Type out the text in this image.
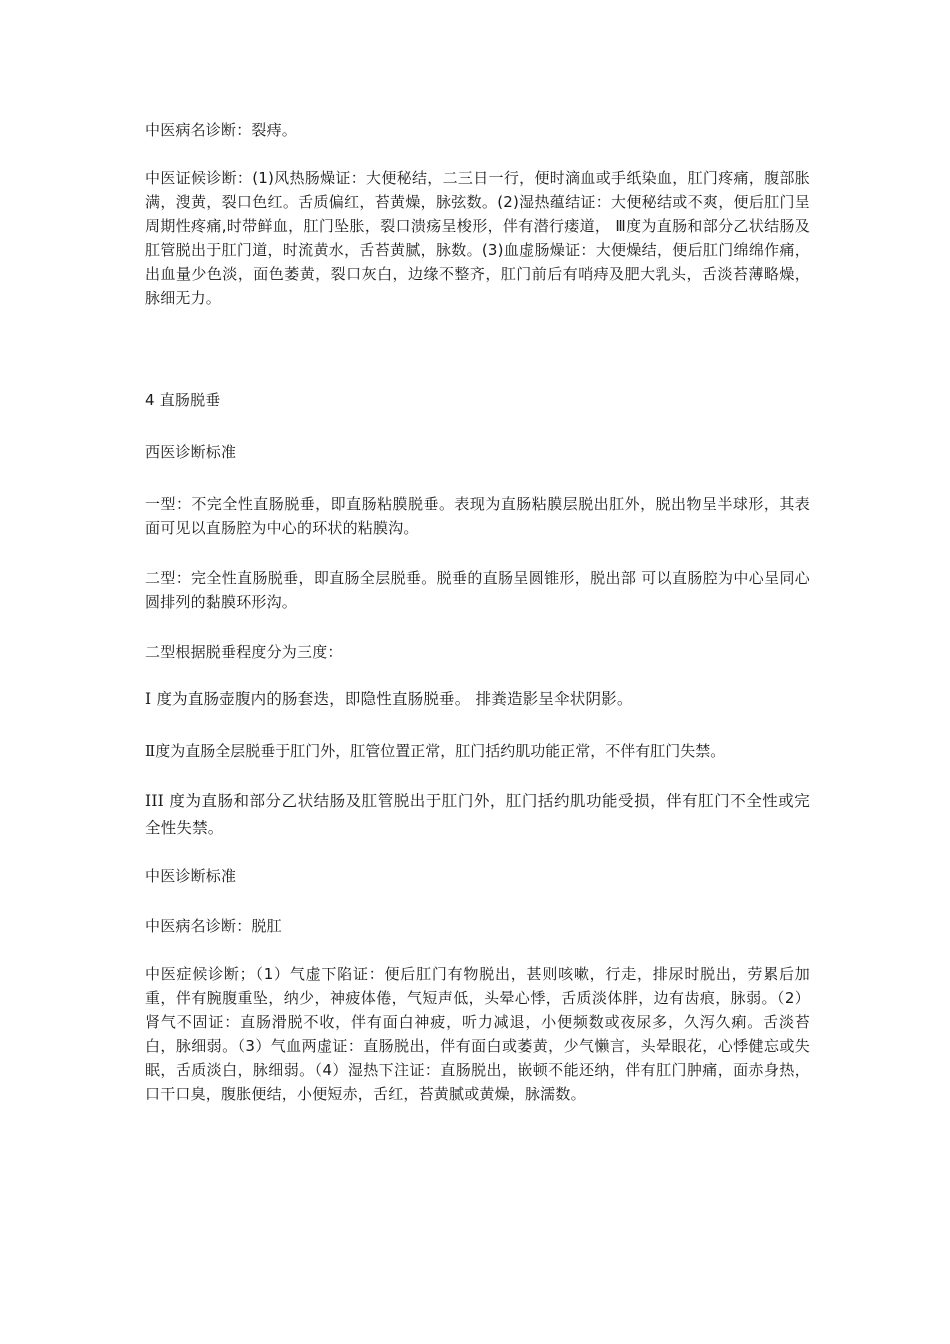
中医病名诊断：裂痔。

中医证候诊断：(1)风热肠燥证：大便秘结，二三日一行，便时滴血或手纸染血，肛门疼痛，腹部胀满，溲黄，裂口色红。舌质偏红，苔黄燥，脉弦数。(2)湿热蕴结证：大便秘结或不爽，便后肛门呈周期性疼痛,时带鲜血，肛门坠胀，裂口溃疡呈梭形，伴有潜行瘘道， Ⅲ度为直肠和部分乙状结肠及肛管脱出于肛门道，时流黄水，舌苔黄腻，脉数。(3)血虚肠燥证：大便燥结，便后肛门绵绵作痛，出血量少色淡，面色萎黄，裂口灰白，边缘不整齐，肛门前后有哨痔及肥大乳头，舌淡苔薄略燥，脉细无力。

4 直肠脱垂

西医诊断标准

一型：不完全性直肠脱垂，即直肠粘膜脱垂。表现为直肠粘膜层脱出肛外，脱出物呈半球形，其表面可见以直肠腔为中心的环状的粘膜沟。

二型：完全性直肠脱垂，即直肠全层脱垂。脱垂的直肠呈圆锥形，脱出部 可以直肠腔为中心呈同心圆排列的黏膜环形沟。

二型根据脱垂程度分为三度：

I 度为直肠壶腹内的肠套迭，即隐性直肠脱垂。 排粪造影呈伞状阴影。

Ⅱ度为直肠全层脱垂于肛门外，肛管位置正常，肛门括约肌功能正常，不伴有肛门失禁。

III 度为直肠和部分乙状结肠及肛管脱出于肛门外，肛门括约肌功能受损，伴有肛门不全性或完全性失禁。

中医诊断标准

中医病名诊断：脱肛

中医症候诊断；（1）气虚下陷证：便后肛门有物脱出，甚则咳嗽，行走，排尿时脱出，劳累后加重，伴有腕腹重坠，纳少，神疲体倦，气短声低，头晕心悸，舌质淡体胖，边有齿痕，脉弱。（2）肾气不固证：直肠滑脱不收，伴有面白神疲，听力减退，小便频数或夜尿多，久泻久痢。舌淡苔白，脉细弱。（3）气血两虚证：直肠脱出，伴有面白或萎黄，少气懒言，头晕眼花，心悸健忘或失眠，舌质淡白，脉细弱。（4）湿热下注证：直肠脱出，嵌顿不能还纳，伴有肛门肿痛，面赤身热，口干口臭，腹胀便结，小便短赤，舌红，苔黄腻或黄燥，脉濡数。
